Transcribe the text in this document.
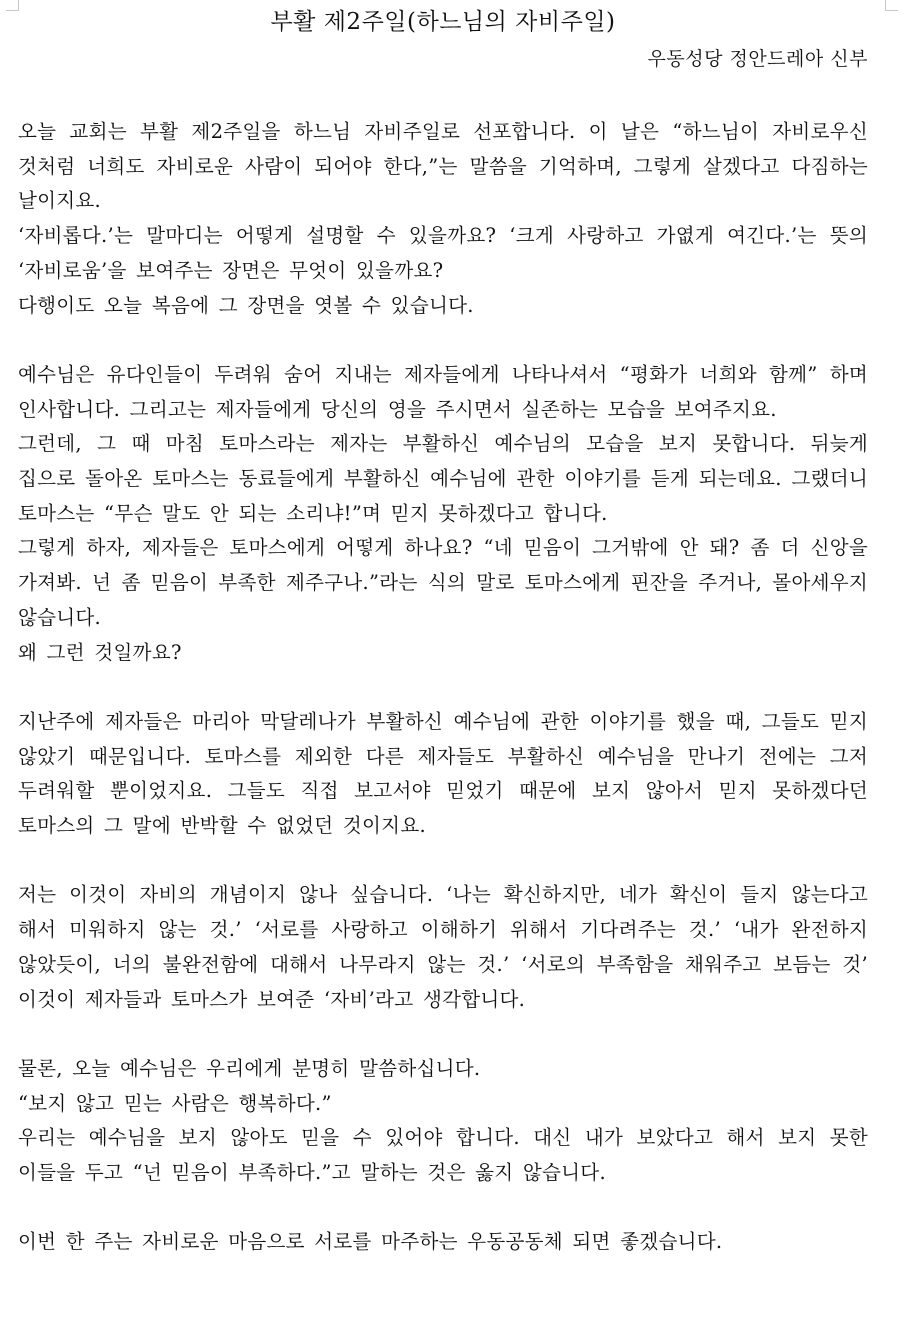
부활 제2주일(하느님의 자비주일)

우동성당 정안드레아 신부

오늘 교회는 부활 제2주일을 하느님 자비주일로 선포합니다. 이 날은 “하느님이 자비로우신 것처럼 너희도 자비로운 사람이 되어야 한다,”는 말씀을 기억하며, 그렇게 살겠다고 다짐하는 날이지요.

‘자비롭다.’는 말마디는 어떻게 설명할 수 있을까요? ‘크게 사랑하고 가엾게 여긴다.’는 뜻의 ‘자비로움’을 보여주는 장면은 무엇이 있을까요?

다행이도 오늘 복음에 그 장면을 엿볼 수 있습니다.

예수님은 유다인들이 두려워 숨어 지내는 제자들에게 나타나셔서 “평화가 너희와 함께” 하며 인사합니다. 그리고는 제자들에게 당신의 영을 주시면서 실존하는 모습을 보여주지요.

그런데, 그 때 마침 토마스라는 제자는 부활하신 예수님의 모습을 보지 못합니다. 뒤늦게 집으로 돌아온 토마스는 동료들에게 부활하신 예수님에 관한 이야기를 듣게 되는데요. 그랬더니 토마스는 “무슨 말도 안 되는 소리냐!”며 믿지 못하겠다고 합니다.

그렇게 하자, 제자들은 토마스에게 어떻게 하나요? “네 믿음이 그거밖에 안 돼? 좀 더 신앙을 가져봐. 넌 좀 믿음이 부족한 제주구나.”라는 식의 말로 토마스에게 핀잔을 주거나, 몰아세우지 않습니다.

왜 그런 것일까요?

지난주에 제자들은 마리아 막달레나가 부활하신 예수님에 관한 이야기를 했을 때, 그들도 믿지 않았기 때문입니다. 토마스를 제외한 다른 제자들도 부활하신 예수님을 만나기 전에는 그저 두려워할 뿐이었지요. 그들도 직접 보고서야 믿었기 때문에 보지 않아서 믿지 못하겠다던 토마스의 그 말에 반박할 수 없었던 것이지요.

저는 이것이 자비의 개념이지 않나 싶습니다. ‘나는 확신하지만, 네가 확신이 들지 않는다고 해서 미워하지 않는 것.’ ‘서로를 사랑하고 이해하기 위해서 기다려주는 것.’ ‘내가 완전하지 않았듯이, 너의 불완전함에 대해서 나무라지 않는 것.’ ‘서로의 부족함을 채워주고 보듬는 것’ 이것이 제자들과 토마스가 보여준 ‘자비’라고 생각합니다.

물론, 오늘 예수님은 우리에게 분명히 말씀하십니다.

“보지 않고 믿는 사람은 행복하다.”

우리는 예수님을 보지 않아도 믿을 수 있어야 합니다. 대신 내가 보았다고 해서 보지 못한 이들을 두고 “넌 믿음이 부족하다.”고 말하는 것은 옳지 않습니다.

이번 한 주는 자비로운 마음으로 서로를 마주하는 우동공동체 되면 좋겠습니다.
